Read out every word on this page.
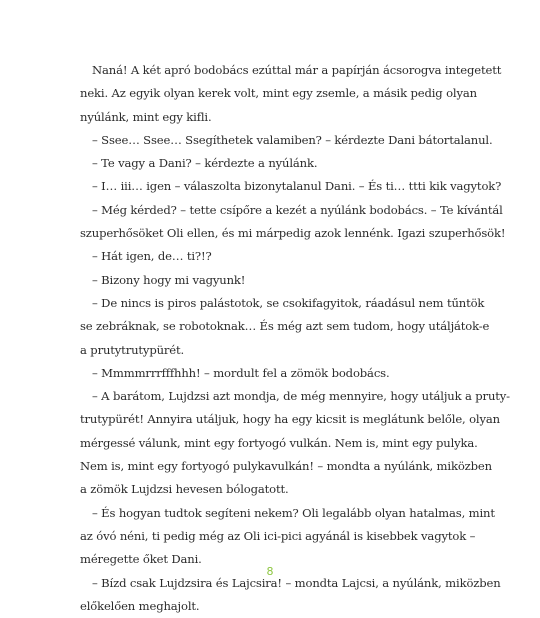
Naná! A két apró bodobács ezúttal már a papírján ácsorogva integetett
neki. Az egyik olyan kerek volt, mint egy zsemle, a másik pedig olyan
nyúlánk, mint egy kifli.
– Ssee… Ssee… Ssegíthetek valamiben? – kérdezte Dani bátortalanul.
– Te vagy a Dani? – kérdezte a nyúlánk.
– I… iii… igen – válaszolta bizonytalanul Dani. – És ti… ttti kik vagytok?
– Még kérded? – tette csípőre a kezét a nyúlánk bodobács. – Te kívántál
szuperhősöket Oli ellen, és mi márpedig azok lennénk. Igazi szuperhősök!
– Hát igen, de… ti?!?
– Bizony hogy mi vagyunk!
– De nincs is piros palástotok, se csokifagyitok, ráadásul nem tűntök
se zebráknak, se robotoknak… És még azt sem tudom, hogy utáljátok-e
a prutytrutypürét.
– Mmmmrrrfffhhh! – mordult fel a zömök bodobács.
– A barátom, Lujdzsi azt mondja, de még mennyire, hogy utáljuk a pruty-
trutypürét! Annyira utáljuk, hogy ha egy kicsit is meglátunk belőle, olyan
mérgessé válunk, mint egy fortyogó vulkán. Nem is, mint egy pulyka.
Nem is, mint egy fortyogó pulykavulkán! – mondta a nyúlánk, miközben
a zömök Lujdzsi hevesen bólogatott.
– És hogyan tudtok segíteni nekem? Oli legalább olyan hatalmas, mint
az óvó néni, ti pedig még az Oli ici-pici agyánál is kisebbek vagytok –
méregette őket Dani.
– Bízd csak Lujdzsira és Lajcsira! – mondta Lajcsi, a nyúlánk, miközben
előkelően meghajolt.
8
